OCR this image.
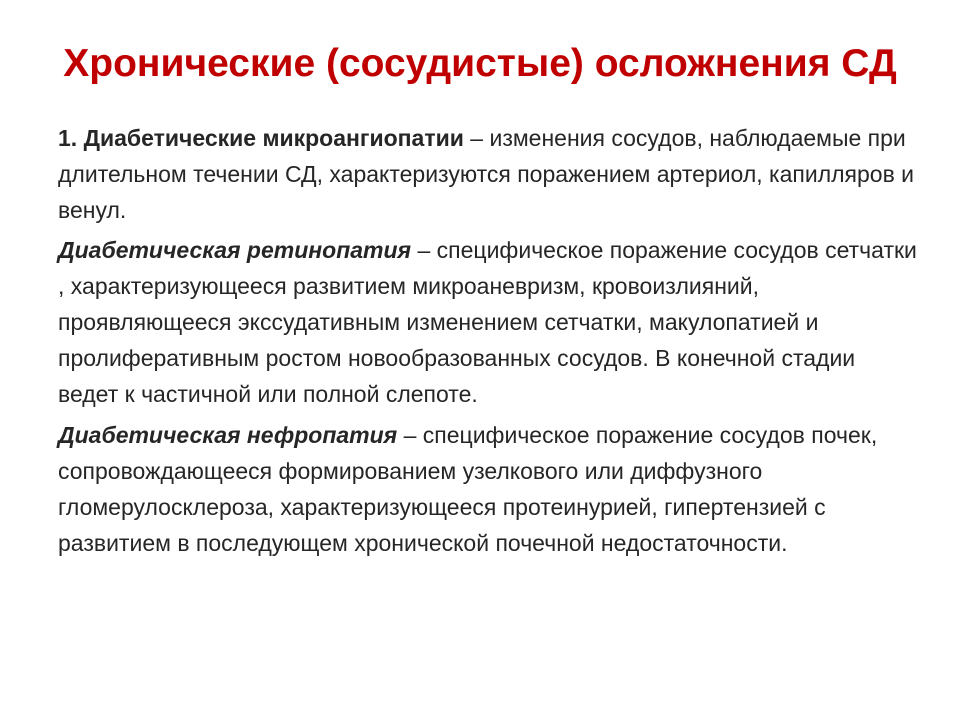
Хронические (сосудистые) осложнения СД

1. Диабетические микроангиопатии – изменения сосудов, наблюдаемые при длительном течении СД, характеризуются поражением артериол, капилляров и венул.

Диабетическая ретинопатия – специфическое поражение сосудов сетчатки , характеризующееся развитием микроаневризм, кровоизлияний, проявляющееся экссудативным изменением сетчатки, макулопатией и пролиферативным ростом новообразованных сосудов. В конечной стадии ведет к частичной или полной слепоте.

Диабетическая нефропатия – специфическое поражение сосудов почек, сопровождающееся формированием узелкового или диффузного гломерулосклероза, характеризующееся протеинурией, гипертензией с развитием в последующем хронической почечной недостаточности.
